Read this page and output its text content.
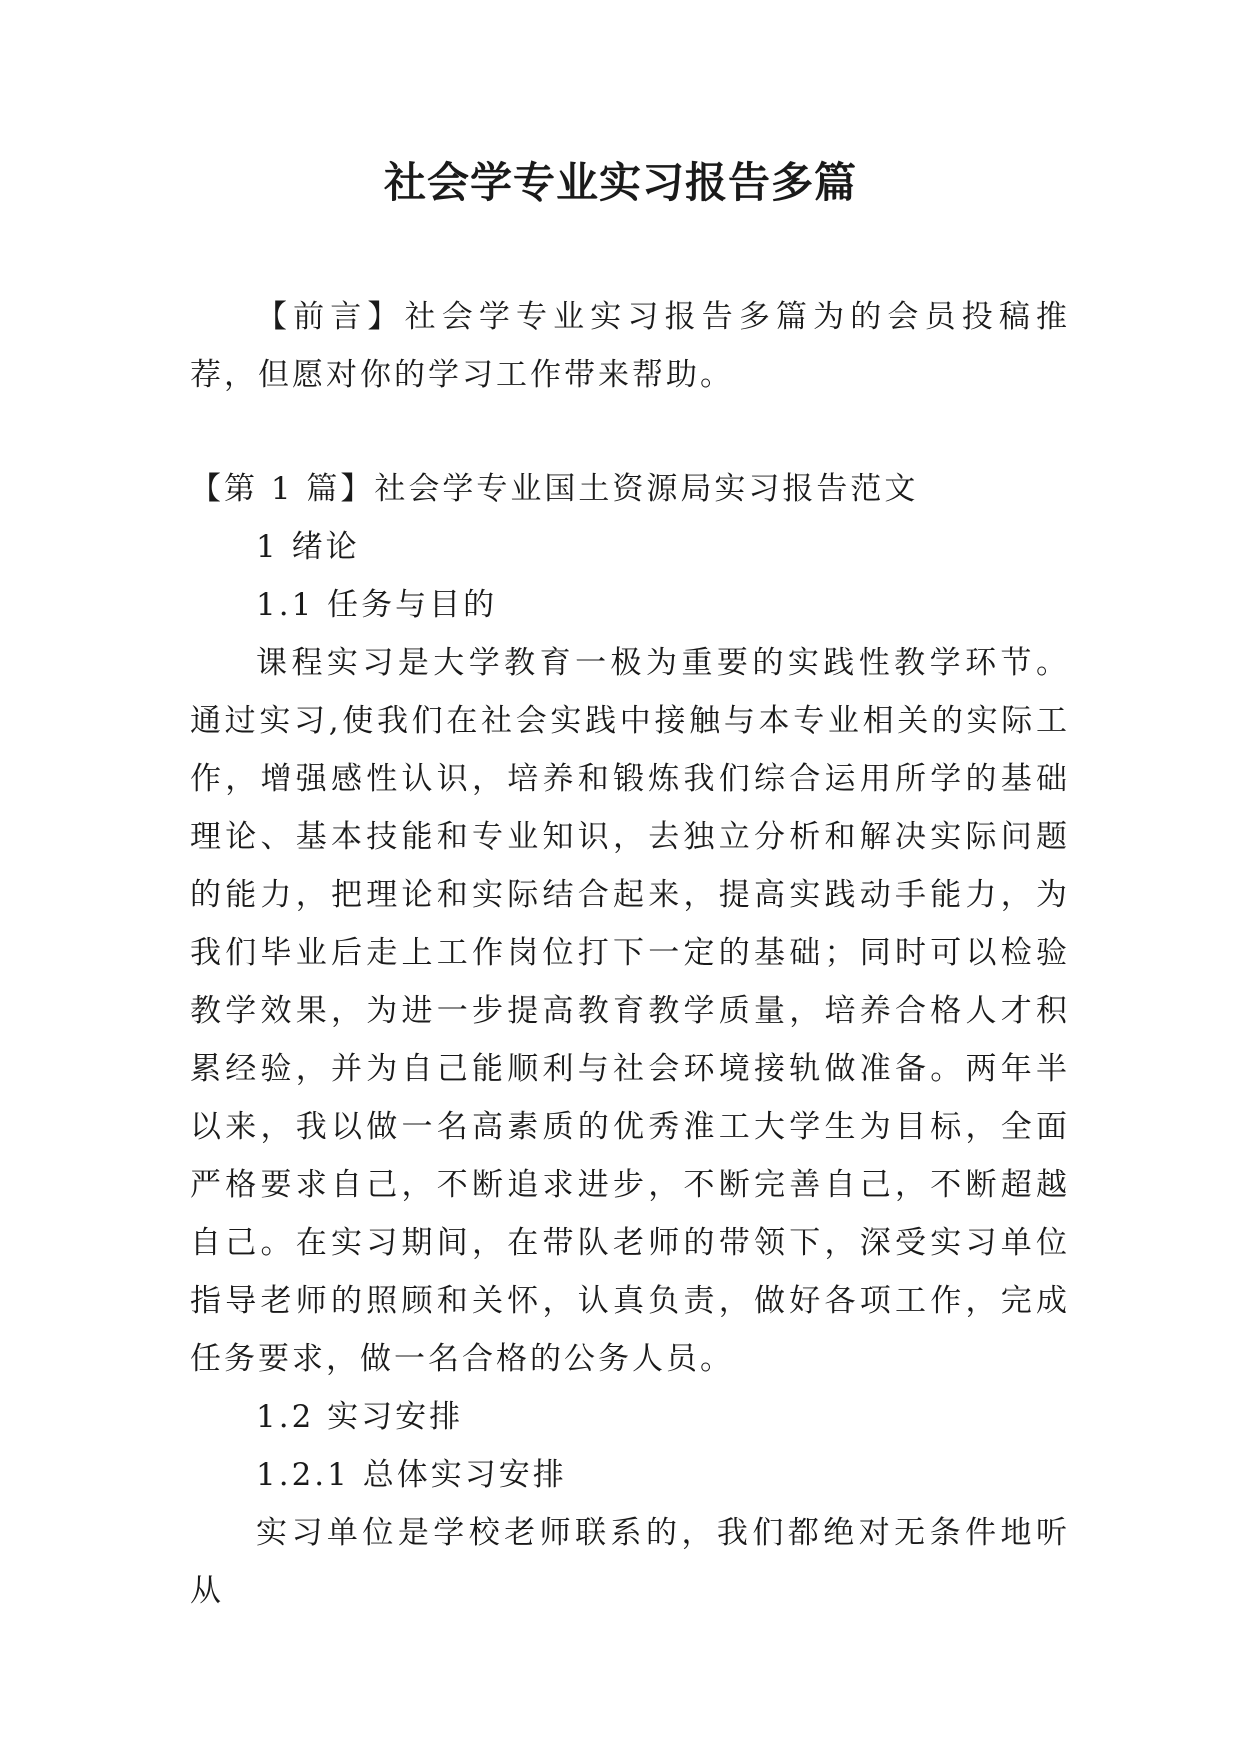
社会学专业实习报告多篇

【前言】社会学专业实习报告多篇为的会员投稿推荐，但愿对你的学习工作带来帮助。

【第 1 篇】社会学专业国土资源局实习报告范文

1 绪论

1.1 任务与目的

课程实习是大学教育一极为重要的实践性教学环节。通过实习,使我们在社会实践中接触与本专业相关的实际工作，增强感性认识，培养和锻炼我们综合运用所学的基础理论、基本技能和专业知识，去独立分析和解决实际问题的能力，把理论和实际结合起来，提高实践动手能力，为我们毕业后走上工作岗位打下一定的基础；同时可以检验教学效果，为进一步提高教育教学质量，培养合格人才积累经验，并为自己能顺利与社会环境接轨做准备。两年半以来，我以做一名高素质的优秀淮工大学生为目标，全面严格要求自己，不断追求进步，不断完善自己，不断超越自己。在实习期间，在带队老师的带领下，深受实习单位指导老师的照顾和关怀，认真负责，做好各项工作，完成任务要求，做一名合格的公务人员。

1.2 实习安排

1.2.1 总体实习安排

实习单位是学校老师联系的，我们都绝对无条件地听从
